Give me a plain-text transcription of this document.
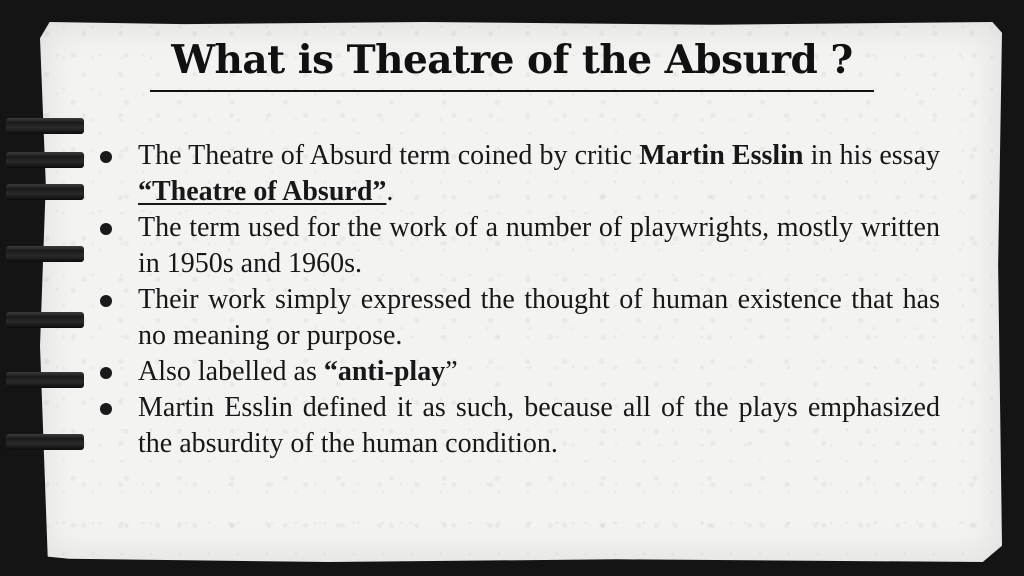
What is Theatre of the Absurd ?
The Theatre of Absurd term coined by critic Martin Esslin in his essay “Theatre of Absurd”.
The term used for the work of a number of playwrights, mostly written in 1950s and 1960s.
Their work simply expressed the thought of human existence that has no meaning or purpose.
Also labelled as “anti-play”
Martin Esslin defined it as such, because all of the plays emphasized the absurdity of the human condition.
